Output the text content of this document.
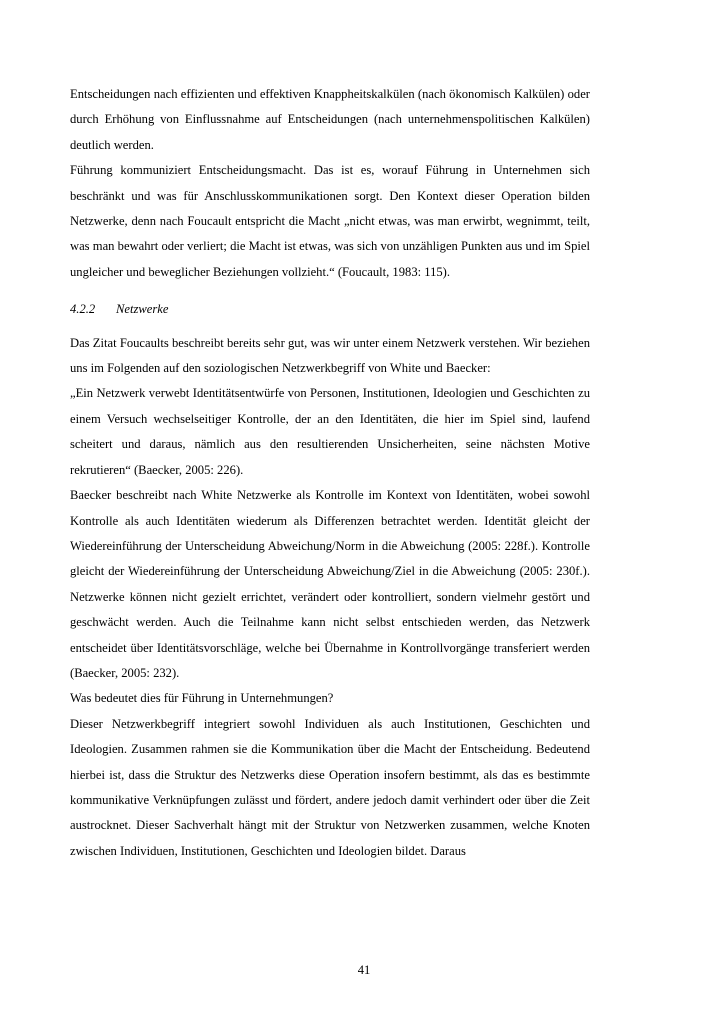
Entscheidungen nach effizienten und effektiven Knappheitskalkülen (nach ökonomisch Kalkülen) oder durch Erhöhung von Einflussnahme auf Entscheidungen (nach unternehmenspolitischen Kalkülen) deutlich werden.

Führung kommuniziert Entscheidungsmacht. Das ist es, worauf Führung in Unternehmen sich beschränkt und was für Anschlusskommunikationen sorgt. Den Kontext dieser Operation bilden Netzwerke, denn nach Foucault entspricht die Macht „nicht etwas, was man erwirbt, wegnimmt, teilt, was man bewahrt oder verliert; die Macht ist etwas, was sich von unzähligen Punkten aus und im Spiel ungleicher und beweglicher Beziehungen vollzieht.“ (Foucault, 1983: 115).

4.2.2 Netzwerke

Das Zitat Foucaults beschreibt bereits sehr gut, was wir unter einem Netzwerk verstehen. Wir beziehen uns im Folgenden auf den soziologischen Netzwerkbegriff von White und Baecker:

„Ein Netzwerk verwebt Identitätsentwürfe von Personen, Institutionen, Ideologien und Geschichten zu einem Versuch wechselseitiger Kontrolle, der an den Identitäten, die hier im Spiel sind, laufend scheitert und daraus, nämlich aus den resultierenden Unsicherheiten, seine nächsten Motive rekrutieren“ (Baecker, 2005: 226).

Baecker beschreibt nach White Netzwerke als Kontrolle im Kontext von Identitäten, wobei sowohl Kontrolle als auch Identitäten wiederum als Differenzen betrachtet werden. Identität gleicht der Wiedereinführung der Unterscheidung Abweichung/Norm in die Abweichung (2005: 228f.). Kontrolle gleicht der Wiedereinführung der Unterscheidung Abweichung/Ziel in die Abweichung (2005: 230f.). Netzwerke können nicht gezielt errichtet, verändert oder kontrolliert, sondern vielmehr gestört und geschwächt werden. Auch die Teilnahme kann nicht selbst entschieden werden, das Netzwerk entscheidet über Identitätsvorschläge, welche bei Übernahme in Kontrollvorgänge transferiert werden (Baecker, 2005: 232).

Was bedeutet dies für Führung in Unternehmungen?

Dieser Netzwerkbegriff integriert sowohl Individuen als auch Institutionen, Geschichten und Ideologien. Zusammen rahmen sie die Kommunikation über die Macht der Entscheidung. Bedeutend hierbei ist, dass die Struktur des Netzwerks diese Operation insofern bestimmt, als das es bestimmte kommunikative Verknüpfungen zulässt und fördert, andere jedoch damit verhindert oder über die Zeit austrocknet. Dieser Sachverhalt hängt mit der Struktur von Netzwerken zusammen, welche Knoten zwischen Individuen, Institutionen, Geschichten und Ideologien bildet. Daraus

41
